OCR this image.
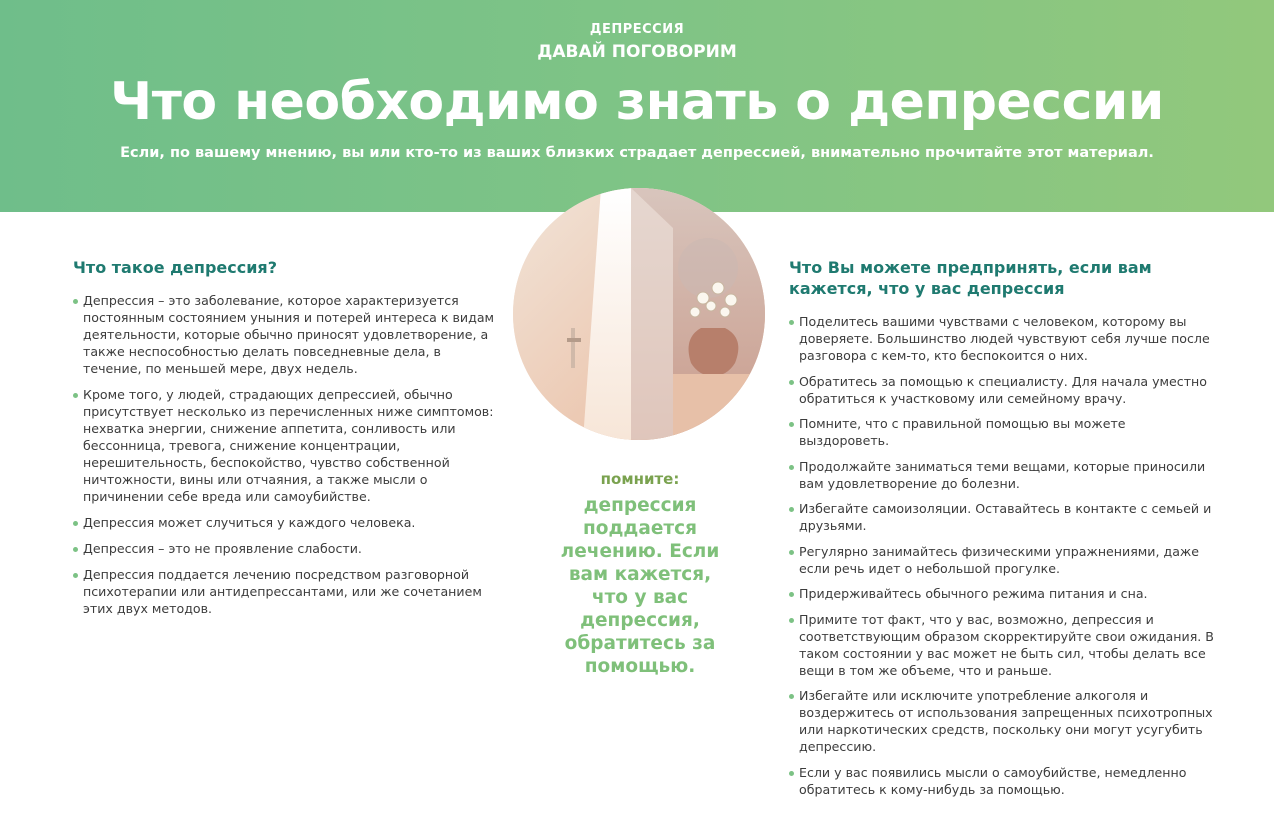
ДЕПРЕССИЯ
ДАВАЙ ПОГОВОРИМ
Что необходимо знать о депрессии
Если, по вашему мнению, вы или кто-то из ваших близких страдает депрессией, внимательно прочитайте этот материал.
Что такое депрессия?
Депрессия – это заболевание, которое характеризуется постоянным состоянием уныния и потерей интереса к видам деятельности, которые обычно приносят удовлетворение, а также неспособностью делать повседневные дела, в течение, по меньшей мере, двух недель.
Кроме того, у людей, страдающих депрессией, обычно присутствует несколько из перечисленных ниже симптомов: нехватка энергии, снижение аппетита, сонливость или бессонница, тревога, снижение концентрации, нерешительность, беспокойство, чувство собственной ничтожности, вины или отчаяния, а также мысли о причинении себе вреда или самоубийстве.
Депрессия может случиться у каждого человека.
Депрессия – это не проявление слабости.
Депрессия поддается лечению посредством разговорной психотерапии или антидепрессантами, или же сочетанием этих двух методов.
помните:
депрессия поддается лечению. Если вам кажется, что у вас депрессия, обратитесь за помощью.
Что Вы можете предпринять, если вам кажется, что у вас депрессия
Поделитесь вашими чувствами с человеком, которому вы доверяете. Большинство людей чувствуют себя лучше после разговора с кем-то, кто беспокоится о них.
Обратитесь за помощью к специалисту. Для начала уместно обратиться к участковому или семейному врачу.
Помните, что с правильной помощью вы можете выздороветь.
Продолжайте заниматься теми вещами, которые приносили вам удовлетворение до болезни.
Избегайте самоизоляции. Оставайтесь в контакте с семьей и друзьями.
Регулярно занимайтесь физическими упражнениями, даже если речь идет о небольшой прогулке.
Придерживайтесь обычного режима питания и сна.
Примите тот факт, что у вас, возможно, депрессия и соответствующим образом скорректируйте свои ожидания. В таком состоянии у вас может не быть сил, чтобы делать все вещи в том же объеме, что и раньше.
Избегайте или исключите употребление алкоголя и воздержитесь от использования запрещенных психотропных или наркотических средств, поскольку они могут усугубить депрессию.
Если у вас появились мысли о самоубийстве, немедленно обратитесь к кому-нибудь за помощью.
